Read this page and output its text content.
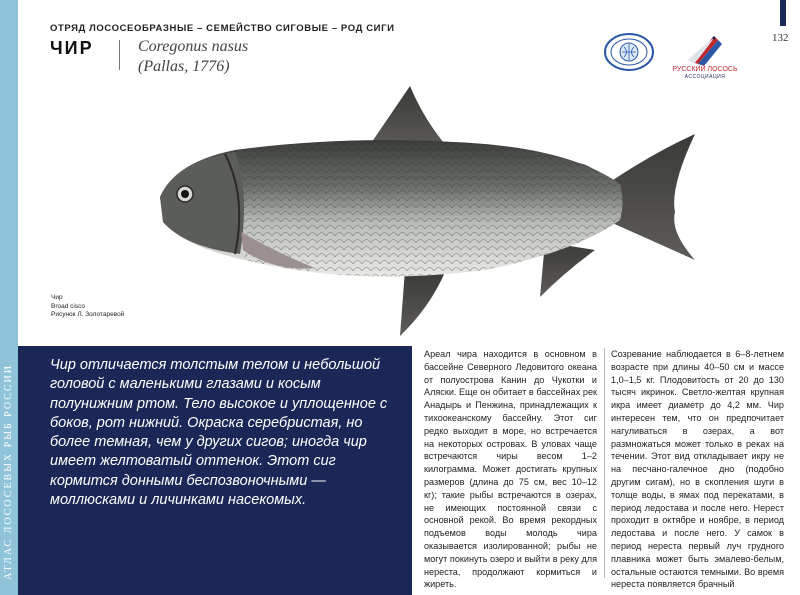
АТЛАС ЛОСОСЕВЫХ РЫБ РОССИИ
132
ОТРЯД ЛОСОСЕОБРАЗНЫЕ – СЕМЕЙСТВО СИГОВЫЕ – РОД СИГИ
ЧИР	Coregonus nasus
(Pallas, 1776)	РУССКИЙ ЛОСОСЬ
АССОЦИАЦИЯ
Чир
Broad cisco
Рисунок Л. Золотаревой

Чир отличается толстым телом и небольшой головой с маленькими глазами и косым полунижним ртом. Тело высокое и уплощенное с боков, рот нижний. Окраска серебристая, но более темная, чем у других сигов; иногда чир имеет желтоватый оттенок. Этот сиг кормится донными беспозвоночными — моллюсками и личинками насекомых.

Ареал чира находится в основном в бассейне Северного Ледовитого океана от полуострова Канин до Чукотки и Аляски. Еще он обитает в бассейнах рек Анадырь и Пенжина, принадлежащих к тихоокеанскому бассейну. Этот сиг редко выходит в море, но встречается на некоторых островах. В уловах чаще встречаются чиры весом 1–2 килограмма. Может достигать крупных размеров (длина до 75 см, вес 10–12 кг); такие рыбы встречаются в озерах, не имеющих постоянной связи с основной рекой. Во время рекордных подъемов воды молодь чира оказывается изолированной; рыбы не могут покинуть озеро и выйти в реку для нереста, продолжают кормиться и жиреть.

Созревание наблюдается в 6–8-летнем возрасте при длины 40–50 см и массе 1,0–1,5 кг. Плодовитость от 20 до 130 тысяч икринок. Светло-желтая крупная икра имеет диаметр до 4,2 мм. Чир интересен тем, что он предпочитает нагуливаться в озерах, а вот размножаться может только в реках на течении. Этот вид откладывает икру не на песчано-галечное дно (подобно другим сигам), но в скопления шуги в толще воды, в ямах под перекатами, в период ледостава и после него. Нерест проходит в октябре и ноябре, в период ледостава и после него. У самок в период нереста первый луч грудного плавника может быть эмалево-белым, остальные остаются темными. Во время нереста появляется брачный
